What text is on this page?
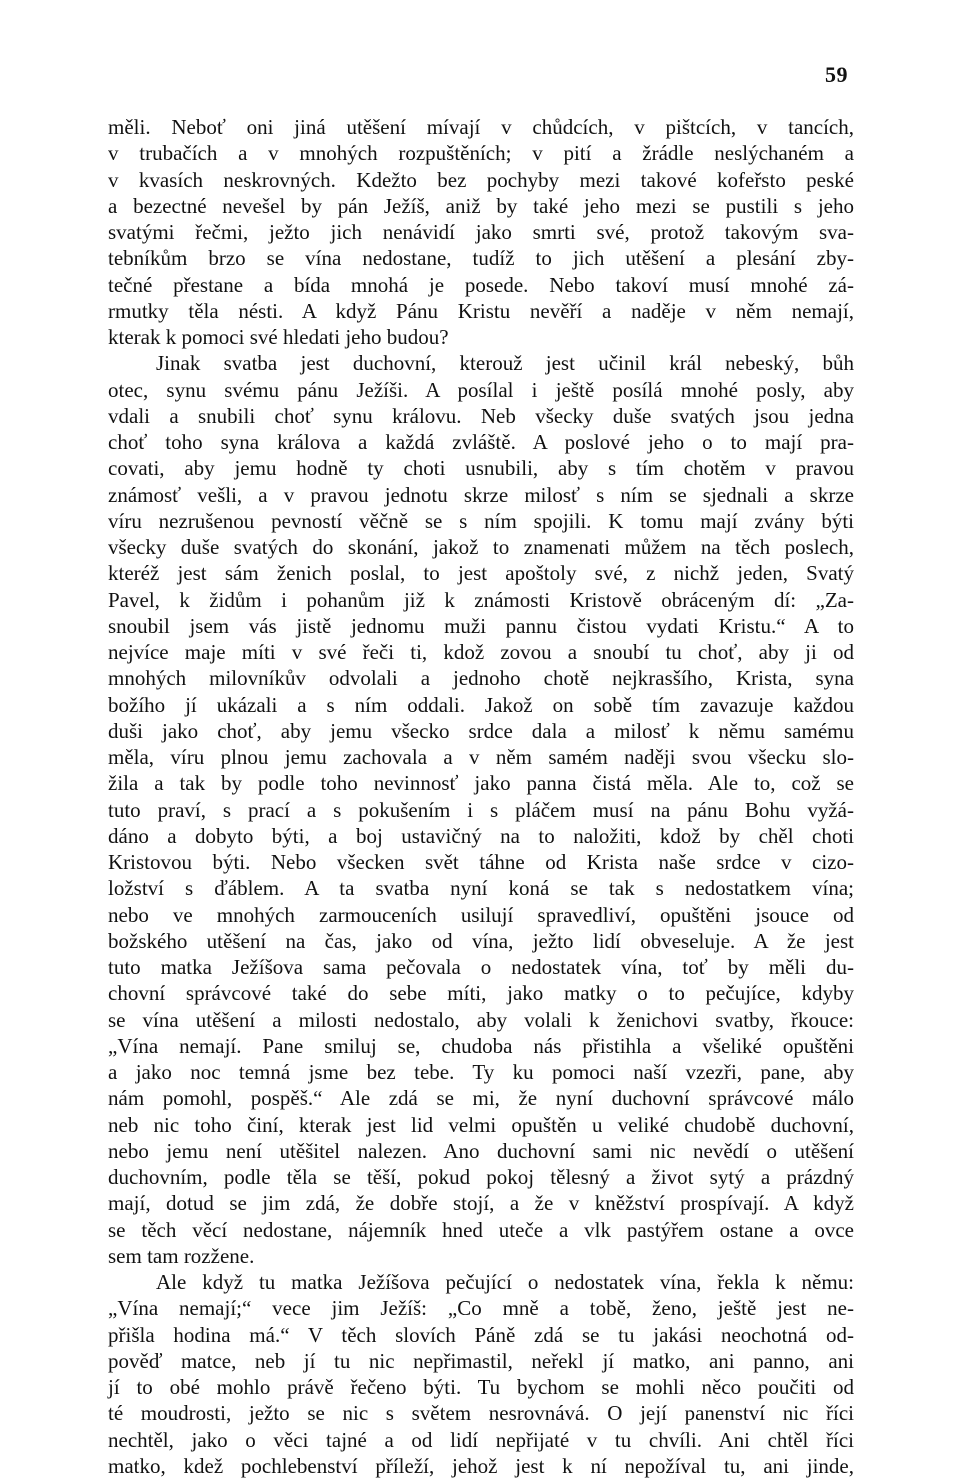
59
měli. Neboť oni jiná utěšení mívají v chůdcích, v pištcích, v tancích,
v trubačích a v mnohých rozpuštěních; v pití a žrádle neslýchaném a
v kvasích neskrovných. Kdežto bez pochyby mezi takové kofeřsto peské
a bezectné nevešel by pán Ježíš, aniž by také jeho mezi se pustili s jeho
svatými řečmi, ježto jich nenávidí jako smrti své, protož takovým sva-
tebníkům brzo se vína nedostane, tudíž to jich utěšení a plesání zby-
tečné přestane a bída mnohá je posede. Nebo takoví musí mnohé zá-
rmutky těla nésti. A když Pánu Kristu nevěří a naděje v něm nemají,
kterak k pomoci své hledati jeho budou?
Jinak svatba jest duchovní, kterouž jest učinil král nebeský, bůh
otec, synu svému pánu Ježíši. A posílal i ještě posílá mnohé posly, aby
vdali a snubili choť synu královu. Neb všecky duše svatých jsou jedna
choť toho syna králova a každá zvláště. A poslové jeho o to mají pra-
covati, aby jemu hodně ty choti usnubili, aby s tím chotěm v pravou
známosť vešli, a v pravou jednotu skrze milosť s ním se sjednali a skrze
víru nezrušenou pevností věčně se s ním spojili. K tomu mají zvány býti
všecky duše svatých do skonání, jakož to znamenati můžem na těch poslech,
kteréž jest sám ženich poslal, to jest apoštoly své, z nichž jeden, Svatý
Pavel, k židům i pohanům již k známosti Kristově obráceným dí: „Za-
snoubil jsem vás jistě jednomu muži pannu čistou vydati Kristu.“ A to
nejvíce maje míti v své řeči ti, kdož zovou a snoubí tu choť, aby ji od
mnohých milovníkův odvolali a jednoho chotě nejkrasšího, Krista, syna
božího jí ukázali a s ním oddali. Jakož on sobě tím zavazuje každou
duši jako choť, aby jemu všecko srdce dala a milosť k němu samému
měla, víru plnou jemu zachovala a v něm samém naději svou všecku slo-
žila a tak by podle toho nevinnosť jako panna čistá měla. Ale to, což se
tuto praví, s prací a s pokušením i s pláčem musí na pánu Bohu vyžá-
dáno a dobyto býti, a boj ustavičný na to naložiti, kdož by chěl choti
Kristovou býti. Nebo všecken svět táhne od Krista naše srdce v cizo-
ložství s ďáblem. A ta svatba nyní koná se tak s nedostatkem vína;
nebo ve mnohých zarmouceních usilují spravedliví, opuštěni jsouce od
božského utěšení na čas, jako od vína, ježto lidí obveseluje. A že jest
tuto matka Ježíšova sama pečovala o nedostatek vína, toť by měli du-
chovní správcové také do sebe míti, jako matky o to pečujíce, kdyby
se vína utěšení a milosti nedostalo, aby volali k ženichovi svatby, řkouce:
„Vína nemají. Pane smiluj se, chudoba nás přistihla a všeliké opuštěni
a jako noc temná jsme bez tebe. Ty ku pomoci naší vzezři, pane, aby
nám pomohl, pospěš.“ Ale zdá se mi, že nyní duchovní správcové málo
neb nic toho činí, kterak jest lid velmi opuštěn u veliké chudobě duchovní,
nebo jemu není utěšitel nalezen. Ano duchovní sami nic nevědí o utěšení
duchovním, podle těla se těší, pokud pokoj tělesný a život sytý a prázdný
mají, dotud se jim zdá, že dobře stojí, a že v kněžství prospívají. A když
se těch věcí nedostane, nájemník hned uteče a vlk pastýřem ostane a ovce
sem tam rozžene.
Ale když tu matka Ježíšova pečující o nedostatek vína, řekla k němu:
„Vína nemají;“ vece jim Ježíš: „Co mně a tobě, ženo, ještě jest ne-
přišla hodina má.“ V těch slovích Páně zdá se tu jakási neochotná od-
pověď matce, neb jí tu nic nepřimastil, neřekl jí matko, ani panno, ani
jí to obé mohlo právě řečeno býti. Tu bychom se mohli něco poučiti od
té moudrosti, ježto se nic s světem nesrovnává. O její panenství nic říci
nechtěl, jako o věci tajné a od lidí nepřijaté v tu chvíli. Ani chtěl říci
matko, kdež pochlebenství příleží, jehož jest k ní nepožíval tu, ani jinde,
